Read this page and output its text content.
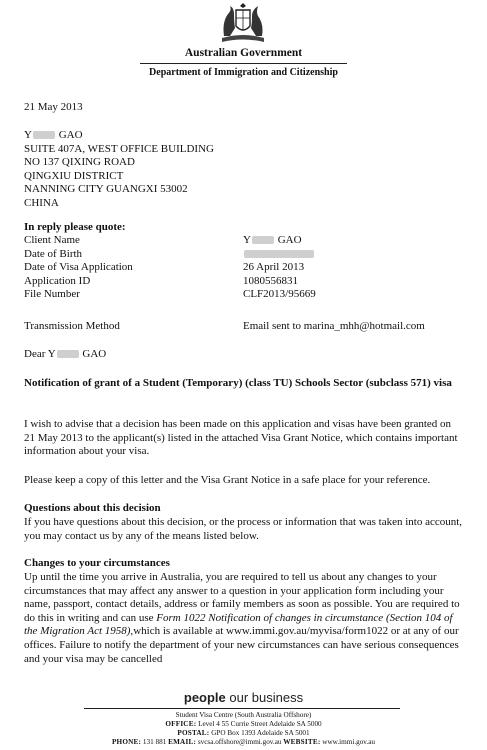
Australian Government
Department of Immigration and Citizenship
21 May 2013
Y GAO
SUITE 407A, WEST OFFICE BUILDING
NO 137 QIXING ROAD
QINGXIU DISTRICT
NANNING CITY GUANGXI 53002
CHINA
In reply please quote:
Client Name	Y GAO
Date of Birth
Date of Visa Application	26 April 2013
Application ID	1080556831
File Number	CLF2013/95669
Transmission Method	Email sent to marina_mhh@hotmail.com
Dear Y GAO
Notification of grant of a Student (Temporary) (class TU) Schools Sector (subclass 571) visa
I wish to advise that a decision has been made on this application and visas have been granted on 21 May 2013 to the applicant(s) listed in the attached Visa Grant Notice, which contains important information about your visa.
Please keep a copy of this letter and the Visa Grant Notice in a safe place for your reference.
Questions about this decision
If you have questions about this decision, or the process or information that was taken into account, you may contact us by any of the means listed below.
Changes to your circumstances
Up until the time you arrive in Australia, you are required to tell us about any changes to your circumstances that may affect any answer to a question in your application form including your name, passport, contact details, address or family members as soon as possible. You are required to do this in writing and can use Form 1022 Notification of changes in circumstance (Section 104 of the Migration Act 1958),which is available at www.immi.gov.au/myvisa/form1022 or at any of our offices. Failure to notify the department of your new circumstances can have serious consequences and your visa may be cancelled
people our business
Student Visa Centre (South Australia Offshore)
OFFICE: Level 4 55 Currie Street Adelaide SA 5000
POSTAL: GPO Box 1393 Adelaide SA 5001
PHONE: 131 881 EMAIL: svcsa.offshore@immi.gov.au WEBSITE: www.immi.gov.au
